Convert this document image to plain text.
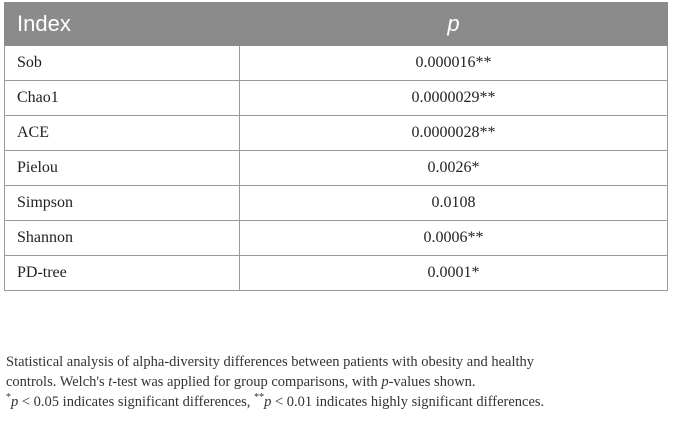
Index	p
Sob	0.000016**
Chao1	0.0000029**
ACE	0.0000028**
Pielou	0.0026*
Simpson	0.0108
Shannon	0.0006**
PD-tree	0.0001*

Statistical analysis of alpha-diversity differences between patients with obesity and healthy

controls. Welch's t-test was applied for group comparisons, with p-values shown.

*p < 0.05 indicates significant differences, **p < 0.01 indicates highly significant differences.
